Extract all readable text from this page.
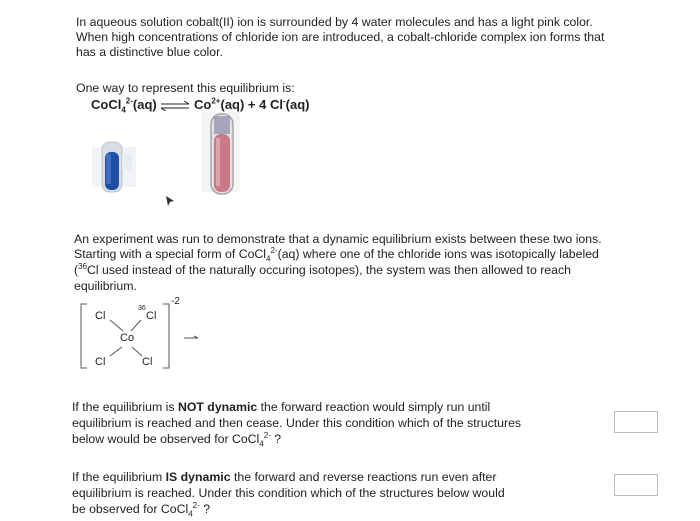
In aqueous solution cobalt(II) ion is surrounded by 4 water molecules and has a light pink color.
When high concentrations of chloride ion are introduced, a cobalt-chloride complex ion forms that
has a distinctive blue color.
One way to represent this equilibrium is:
CoCl$_4^{2-}$(aq) ⇌ $Co^{2+}(aq) + 4$ Cl-(aq)
An experiment was run to demonstrate that a dynamic equilibrium exists between these two ions.
Starting with a special form of CoCl$_4^{2-}$(aq) where one of the chloride ions was isotopically labeled
($^{36}$Cl used instead of the naturally occuring isotopes), the system was then allowed to reach
equilibrium.
-2
Cl
36
Cl
Co
Cl	Cl
If the equilibrium is NOT dynamic the forward reaction would simply run until
equilibrium is reached and then cease. Under this condition which of the structures
below would be observed for CoCl$_4^{2-}$ ?
If the equilibrium IS dynamic the forward and reverse reactions run even after
equilibrium is reached. Under this condition which of the structures below would
be observed for CoCl$_4^{2-}$ ?
